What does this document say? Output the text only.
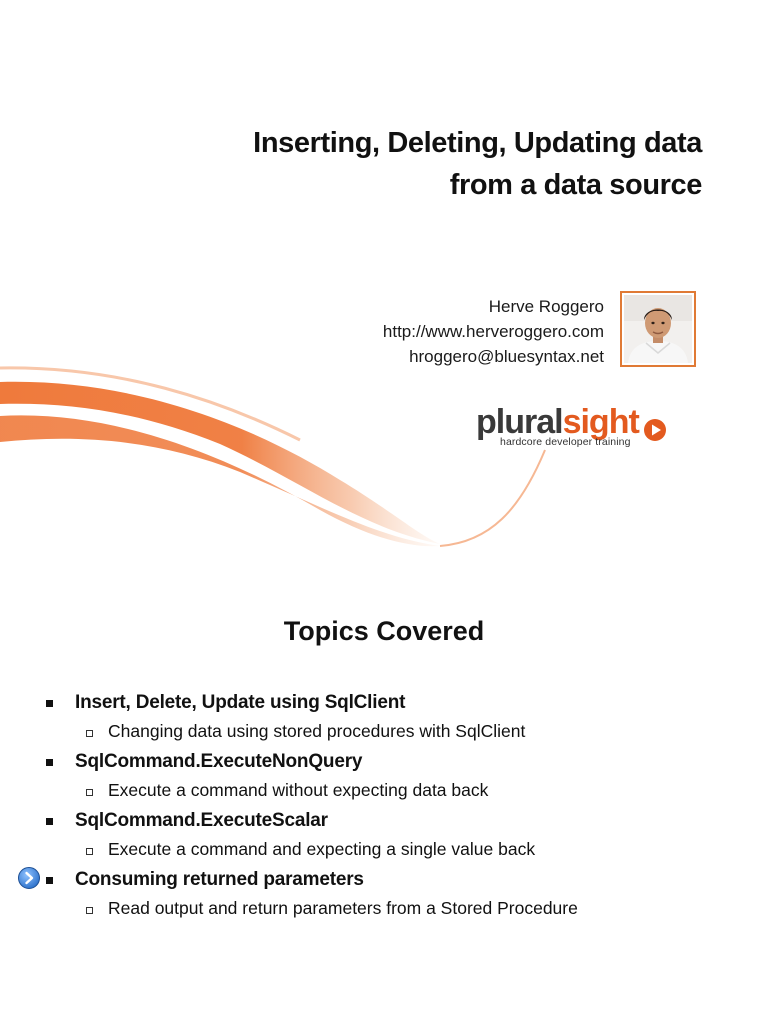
Inserting, Deleting, Updating data
from a data source
Herve Roggero
http://www.herveroggero.com
hroggero@bluesyntax.net
pluralsight
hardcore developer training
Topics Covered
Insert, Delete, Update using SqlClient
Changing data using stored procedures with SqlClient
SqlCommand.ExecuteNonQuery
Execute a command without expecting data back
SqlCommand.ExecuteScalar
Execute a command and expecting a single value back
Consuming returned parameters
Read output and return parameters from a Stored Procedure
